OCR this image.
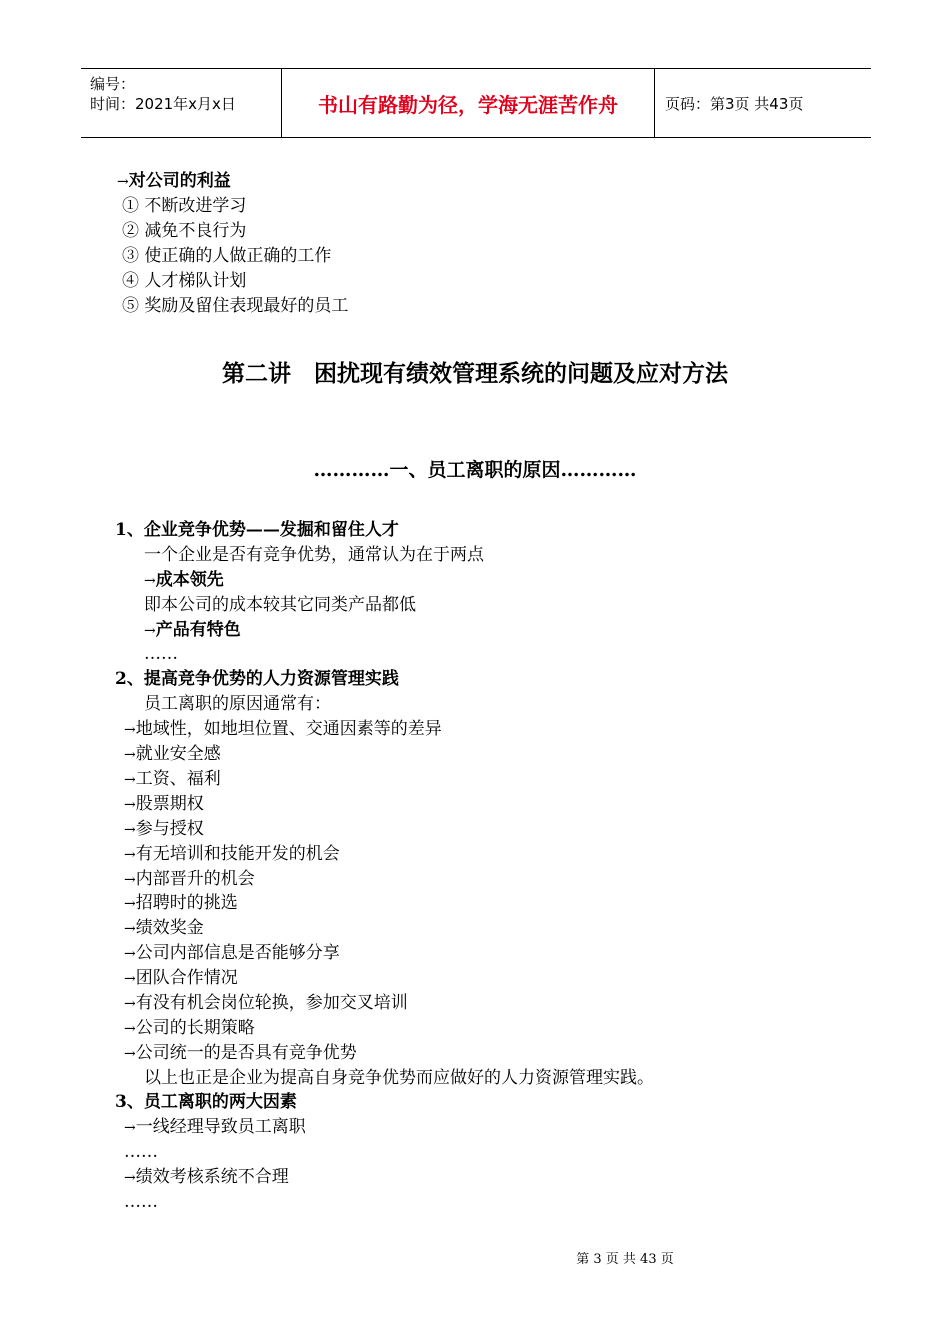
编号：
时间：2021年x月x日	书山有路勤为径，学海无涯苦作舟	页码：第3页 共43页
→对公司的利益
① 不断改进学习
② 减免不良行为
③ 使正确的人做正确的工作
④ 人才梯队计划
⑤ 奖励及留住表现最好的员工
第二讲　困扰现有绩效管理系统的问题及应对方法
…………一、员工离职的原因…………
1、企业竞争优势——发掘和留住人才
一个企业是否有竞争优势，通常认为在于两点
→成本领先
即本公司的成本较其它同类产品都低
→产品有特色
……
2、提高竞争优势的人力资源管理实践
员工离职的原因通常有：
→地域性，如地坦位置、交通因素等的差异
→就业安全感
→工资、福利
→股票期权
→参与授权
→有无培训和技能开发的机会
→内部晋升的机会
→招聘时的挑选
→绩效奖金
→公司内部信息是否能够分享
→团队合作情况
→有没有机会岗位轮换，参加交叉培训
→公司的长期策略
→公司统一的是否具有竞争优势
以上也正是企业为提高自身竞争优势而应做好的人力资源管理实践。
3、员工离职的两大因素
→一线经理导致员工离职
……
→绩效考核系统不合理
……
第 3 页 共 43 页
